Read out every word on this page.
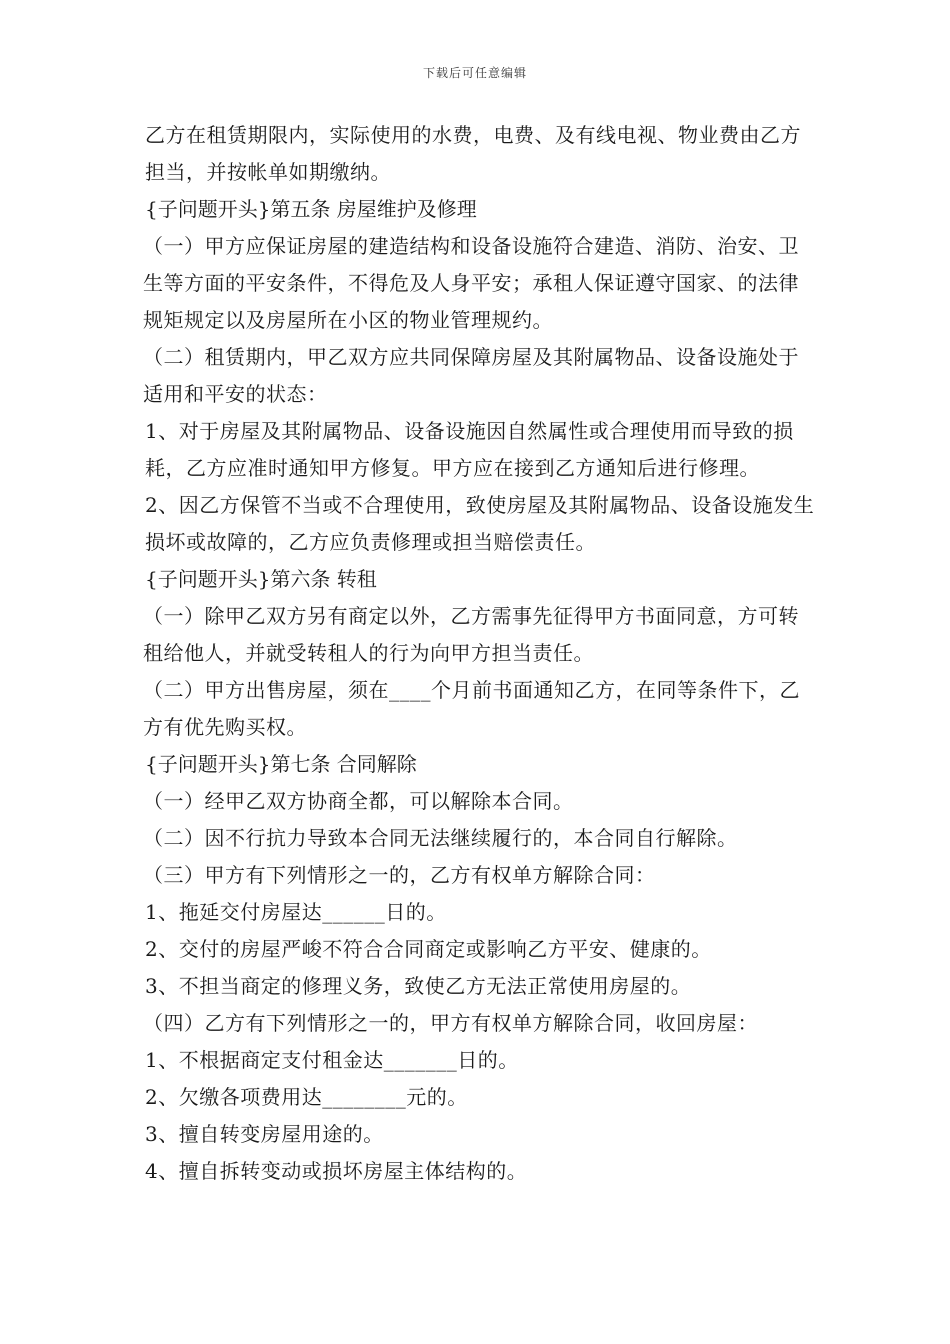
下载后可任意编辑

乙方在租赁期限内，实际使用的水费，电费、及有线电视、物业费由乙方担当，并按帐单如期缴纳。

{子问题开头}第五条 房屋维护及修理

（一）甲方应保证房屋的建造结构和设备设施符合建造、消防、治安、卫生等方面的平安条件，不得危及人身平安；承租人保证遵守国家、的法律规矩规定以及房屋所在小区的物业管理规约。

（二）租赁期内，甲乙双方应共同保障房屋及其附属物品、设备设施处于适用和平安的状态：

1、对于房屋及其附属物品、设备设施因自然属性或合理使用而导致的损耗，乙方应准时通知甲方修复。甲方应在接到乙方通知后进行修理。

2、因乙方保管不当或不合理使用，致使房屋及其附属物品、设备设施发生损坏或故障的，乙方应负责修理或担当赔偿责任。

{子问题开头}第六条 转租

（一）除甲乙双方另有商定以外，乙方需事先征得甲方书面同意，方可转租给他人，并就受转租人的行为向甲方担当责任。

（二）甲方出售房屋，须在____个月前书面通知乙方，在同等条件下，乙方有优先购买权。

{子问题开头}第七条 合同解除

（一）经甲乙双方协商全都，可以解除本合同。

（二）因不行抗力导致本合同无法继续履行的，本合同自行解除。

（三）甲方有下列情形之一的，乙方有权单方解除合同：

1、拖延交付房屋达______日的。

2、交付的房屋严峻不符合合同商定或影响乙方平安、健康的。

3、不担当商定的修理义务，致使乙方无法正常使用房屋的。

（四）乙方有下列情形之一的，甲方有权单方解除合同，收回房屋：

1、不根据商定支付租金达_______日的。

2、欠缴各项费用达________元的。

3、擅自转变房屋用途的。

4、擅自拆转变动或损坏房屋主体结构的。
